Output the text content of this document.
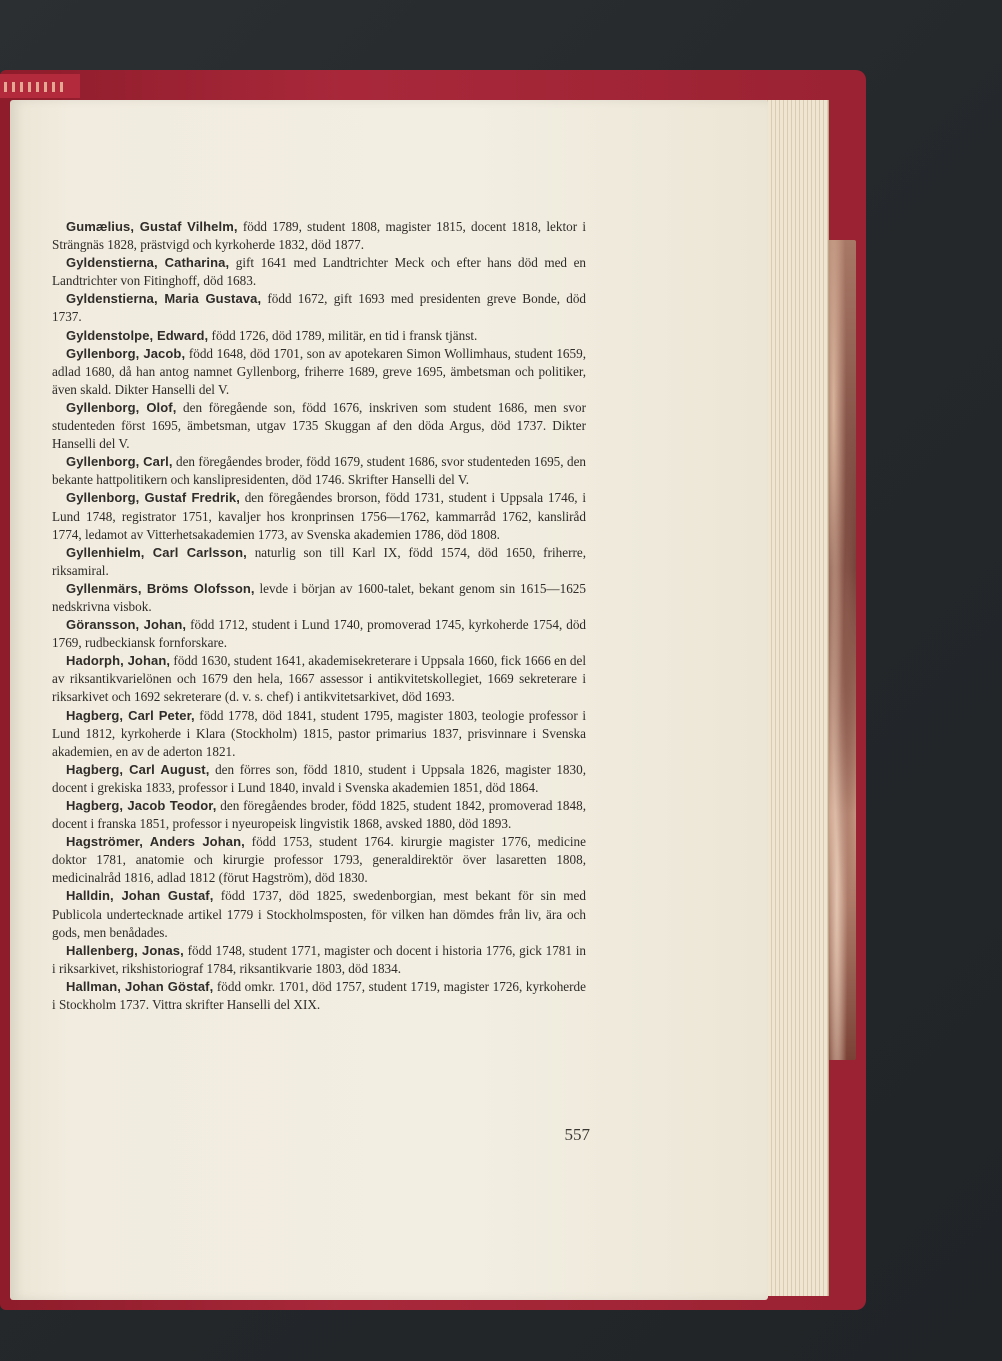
Gumælius, Gustaf Vilhelm, född 1789, student 1808, magister 1815, docent 1818, lektor i Strängnäs 1828, prästvigd och kyrkoherde 1832, död 1877.

Gyldenstierna, Catharina, gift 1641 med Landtrichter Meck och efter hans död med en Landtrichter von Fitinghoff, död 1683.

Gyldenstierna, Maria Gustava, född 1672, gift 1693 med presidenten greve Bonde, död 1737.

Gyldenstolpe, Edward, född 1726, död 1789, militär, en tid i fransk tjänst.

Gyllenborg, Jacob, född 1648, död 1701, son av apotekaren Simon Wollimhaus, student 1659, adlad 1680, då han antog namnet Gyllenborg, friherre 1689, greve 1695, ämbetsman och politiker, även skald. Dikter Hanselli del V.

Gyllenborg, Olof, den föregående son, född 1676, inskriven som student 1686, men svor studenteden först 1695, ämbetsman, utgav 1735 Skuggan af den döda Argus, död 1737. Dikter Hanselli del V.

Gyllenborg, Carl, den föregåendes broder, född 1679, student 1686, svor studenteden 1695, den bekante hattpolitikern och kanslipresidenten, död 1746. Skrifter Hanselli del V.

Gyllenborg, Gustaf Fredrik, den föregåendes brorson, född 1731, student i Uppsala 1746, i Lund 1748, registrator 1751, kavaljer hos kronprinsen 1756—1762, kammarråd 1762, kansliråd 1774, ledamot av Vitterhetsakademien 1773, av Svenska akademien 1786, död 1808.

Gyllenhielm, Carl Carlsson, naturlig son till Karl IX, född 1574, död 1650, friherre, riksamiral.

Gyllenmärs, Bröms Olofsson, levde i början av 1600-talet, bekant genom sin 1615—1625 nedskrivna visbok.

Göransson, Johan, född 1712, student i Lund 1740, promoverad 1745, kyrkoherde 1754, död 1769, rudbeckiansk fornforskare.

Hadorph, Johan, född 1630, student 1641, akademisekreterare i Uppsala 1660, fick 1666 en del av riksantikvarielönen och 1679 den hela, 1667 assessor i antikvitetskollegiet, 1669 sekreterare i riksarkivet och 1692 sekreterare (d. v. s. chef) i antikvitetsarkivet, död 1693.

Hagberg, Carl Peter, född 1778, död 1841, student 1795, magister 1803, teologie professor i Lund 1812, kyrkoherde i Klara (Stockholm) 1815, pastor primarius 1837, prisvinnare i Svenska akademien, en av de aderton 1821.

Hagberg, Carl August, den förres son, född 1810, student i Uppsala 1826, magister 1830, docent i grekiska 1833, professor i Lund 1840, invald i Svenska akademien 1851, död 1864.

Hagberg, Jacob Teodor, den föregåendes broder, född 1825, student 1842, promoverad 1848, docent i franska 1851, professor i nyeuropeisk lingvistik 1868, avsked 1880, död 1893.

Hagströmer, Anders Johan, född 1753, student 1764. kirurgie magister 1776, medicine doktor 1781, anatomie och kirurgie professor 1793, generaldirektör över lasaretten 1808, medicinalråd 1816, adlad 1812 (förut Hagström), död 1830.

Halldin, Johan Gustaf, född 1737, död 1825, swedenborgian, mest bekant för sin med Publicola undertecknade artikel 1779 i Stockholmsposten, för vilken han dömdes från liv, ära och gods, men benådades.

Hallenberg, Jonas, född 1748, student 1771, magister och docent i historia 1776, gick 1781 in i riksarkivet, rikshistoriograf 1784, riksantikvarie 1803, död 1834.

Hallman, Johan Göstaf, född omkr. 1701, död 1757, student 1719, magister 1726, kyrkoherde i Stockholm 1737. Vittra skrifter Hanselli del XIX.

557
